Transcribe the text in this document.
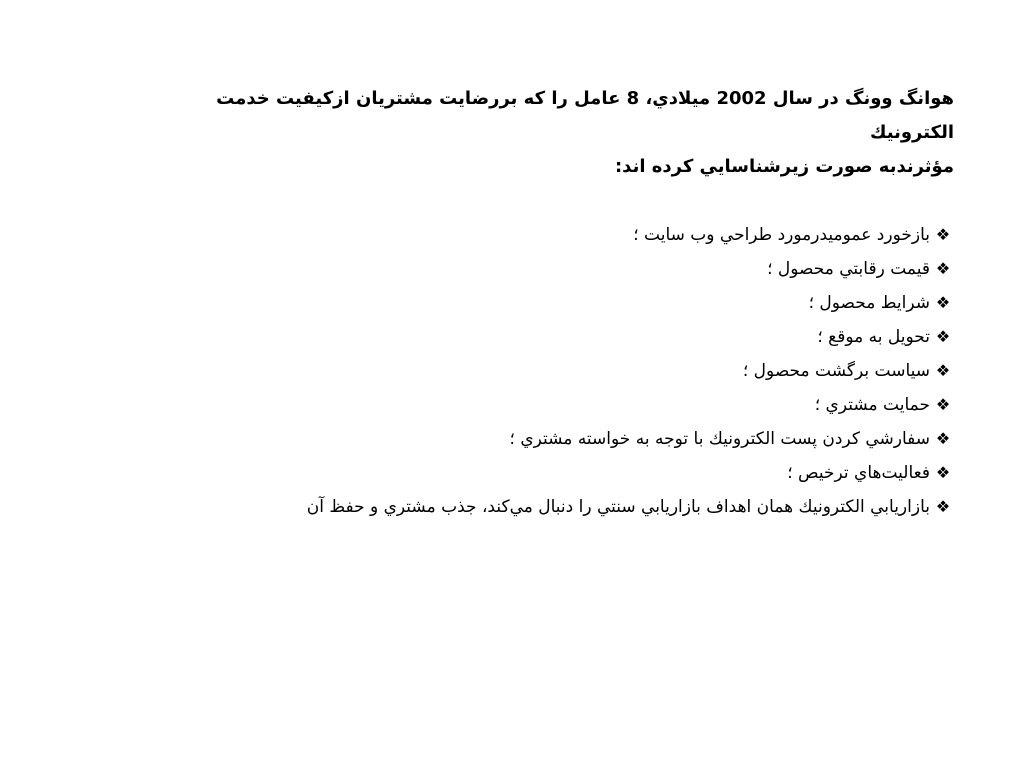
هوانگ وونگ در سال 2002 ميلادي، 8 عامل را كه بررضايت مشتريان ازكيفيت خدمت الكترونيك

مؤثرندبه صورت زيرشناسايي كرده اند:

❖
بازخورد عموميدرمورد طراحي وب سايت ؛
❖
قيمت رقابتي محصول ؛
❖
شرايط محصول ؛
❖
تحويل به موقع ؛
❖
سياست برگشت محصول ؛
❖
حمايت مشتري ؛
❖
سفارشي كردن پست الكترونيك با توجه به خواسته مشتري ؛
❖
فعاليت‌هاي ترخيص ؛
❖
بازاريابي الكترونيك همان اهداف بازاريابي سنتي را دنبال مي‌كند، جذب مشتري و حفظ آن
